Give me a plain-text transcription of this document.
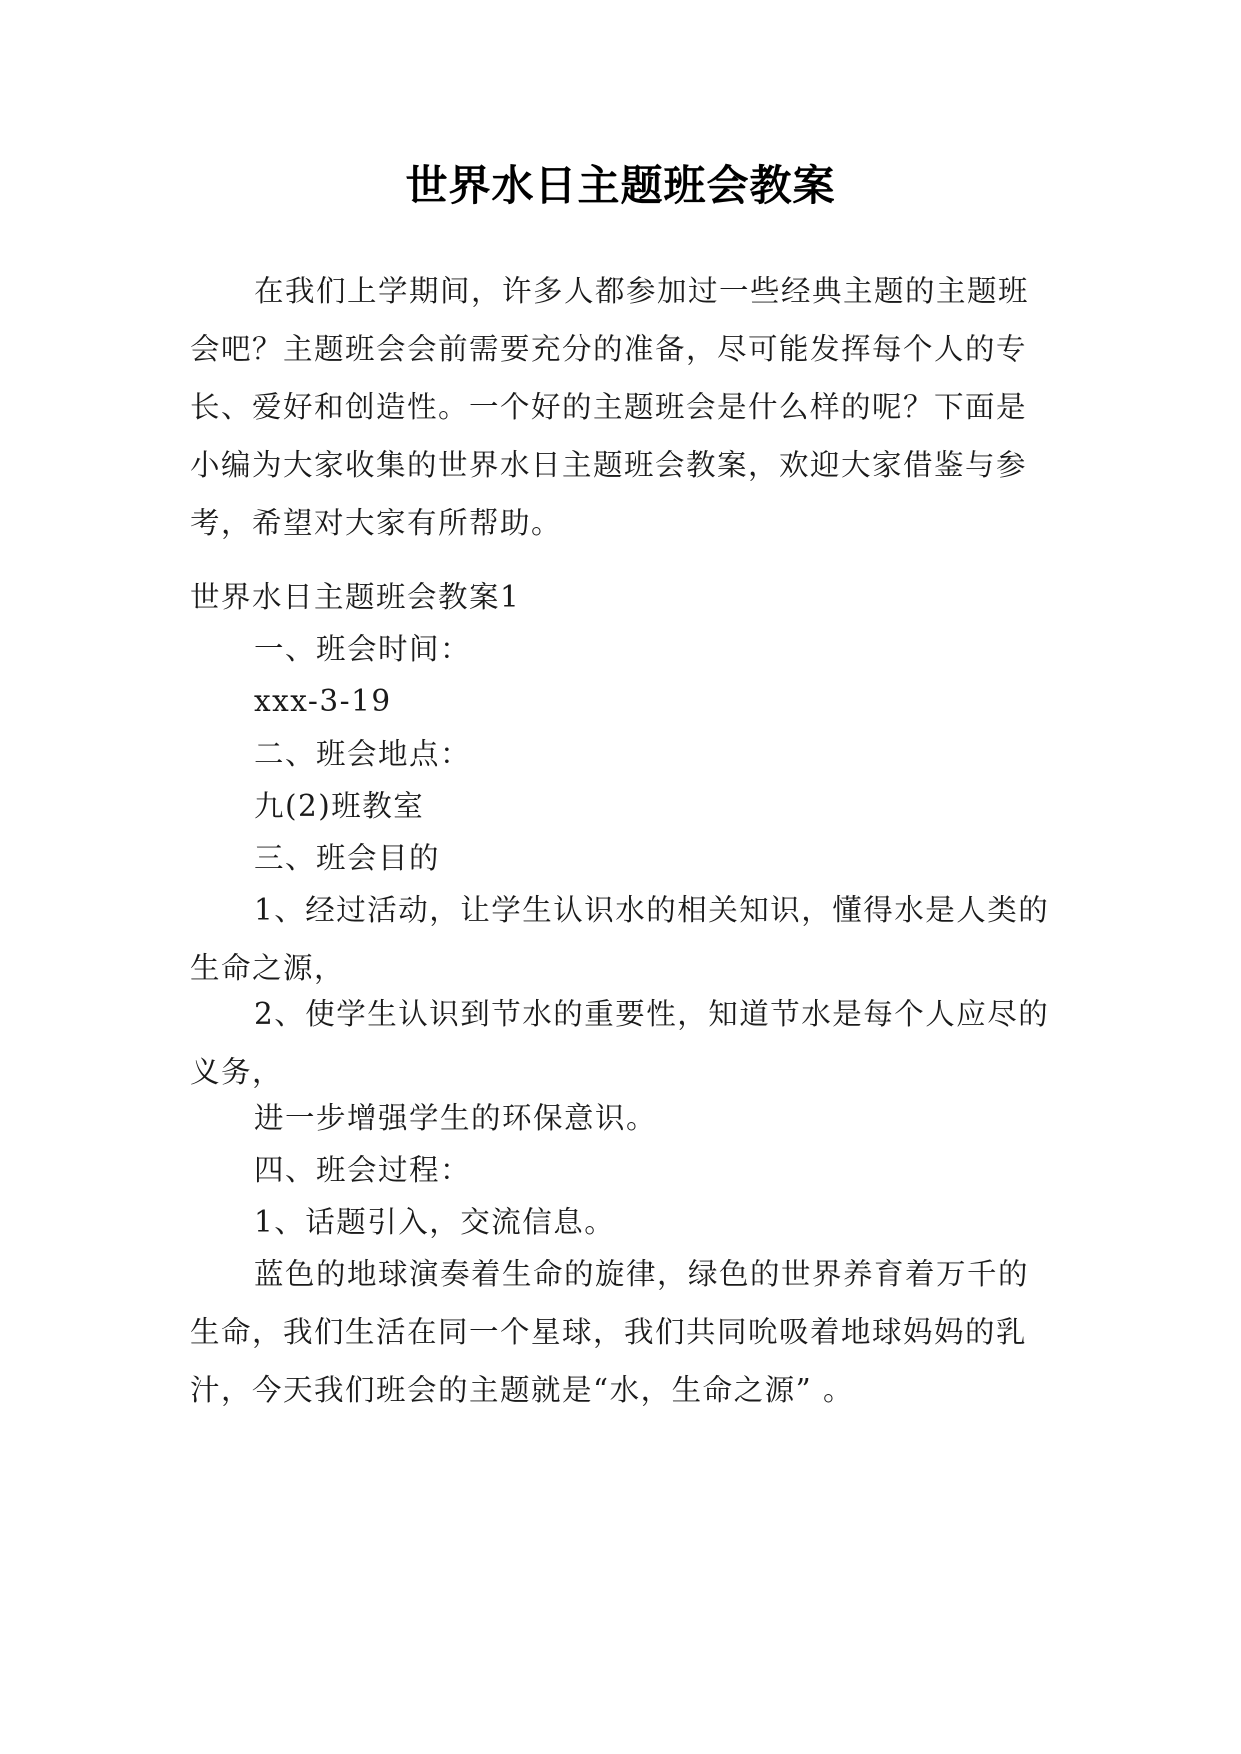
世界水日主题班会教案

在我们上学期间，许多人都参加过一些经典主题的主题班会吧？主题班会会前需要充分的准备，尽可能发挥每个人的专长、爱好和创造性。一个好的主题班会是什么样的呢？下面是小编为大家收集的世界水日主题班会教案，欢迎大家借鉴与参考，希望对大家有所帮助。

世界水日主题班会教案1

一、班会时间：

xxx-3-19

二、班会地点：

九(2)班教室

三、班会目的

1、经过活动，让学生认识水的相关知识，懂得水是人类的生命之源，

2、使学生认识到节水的重要性，知道节水是每个人应尽的义务，

进一步增强学生的环保意识。

四、班会过程：

1、话题引入，交流信息。

蓝色的地球演奏着生命的旋律，绿色的世界养育着万千的生命，我们生活在同一个星球，我们共同吮吸着地球妈妈的乳汁，今天我们班会的主题就是“水，生命之源” 。
